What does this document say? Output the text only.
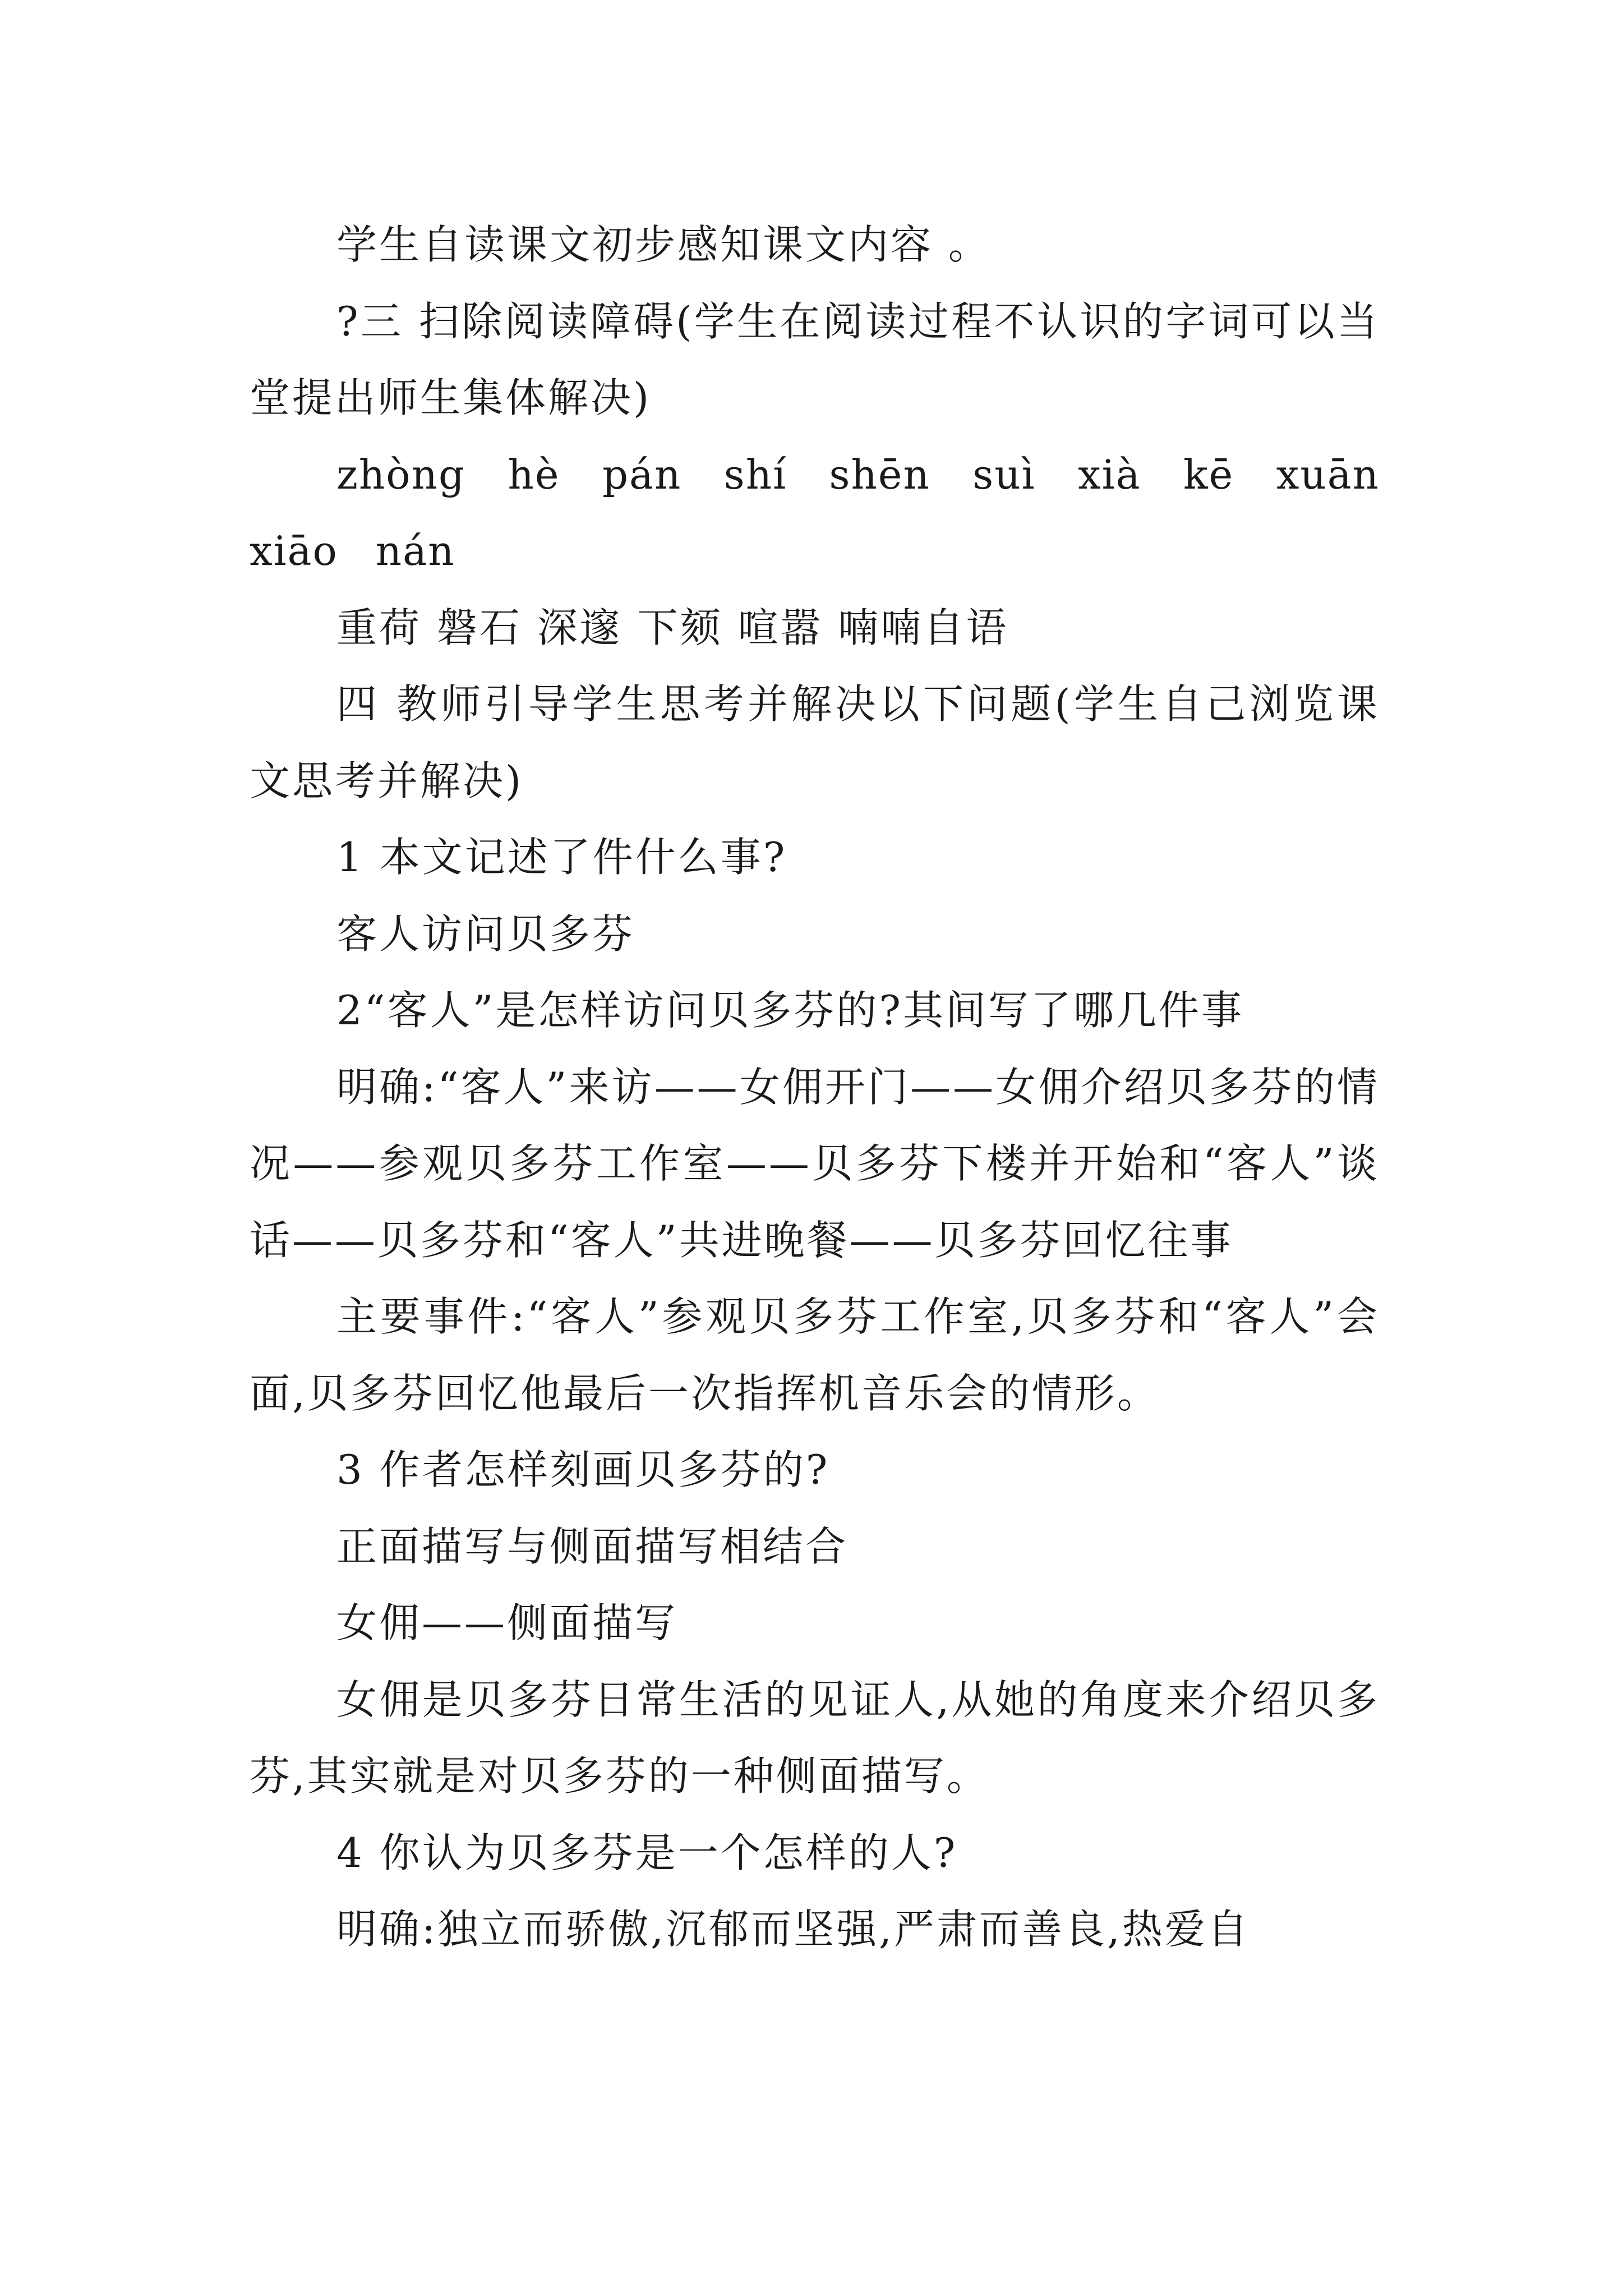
学生自读课文初步感知课文内容 。

?三 扫除阅读障碍(学生在阅读过程不认识的字词可以当堂提出师生集体解决)

zhòng hè pán shí shēn suì xià kē xuān xiāo nán

重荷 磐石 深邃 下颏 喧嚣 喃喃自语

四 教师引导学生思考并解决以下问题(学生自己浏览课文思考并解决)

1 本文记述了件什么事?

客人访问贝多芬

2“客人”是怎样访问贝多芬的?其间写了哪几件事

明确:“客人”来访——女佣开门——女佣介绍贝多芬的情况——参观贝多芬工作室——贝多芬下楼并开始和“客人”谈话——贝多芬和“客人”共进晚餐——贝多芬回忆往事

主要事件:“客人”参观贝多芬工作室,贝多芬和“客人”会面,贝多芬回忆他最后一次指挥机音乐会的情形。

3 作者怎样刻画贝多芬的?

正面描写与侧面描写相结合

女佣——侧面描写

女佣是贝多芬日常生活的见证人,从她的角度来介绍贝多芬,其实就是对贝多芬的一种侧面描写。

4 你认为贝多芬是一个怎样的人?

明确:独立而骄傲,沉郁而坚强,严肃而善良,热爱自
